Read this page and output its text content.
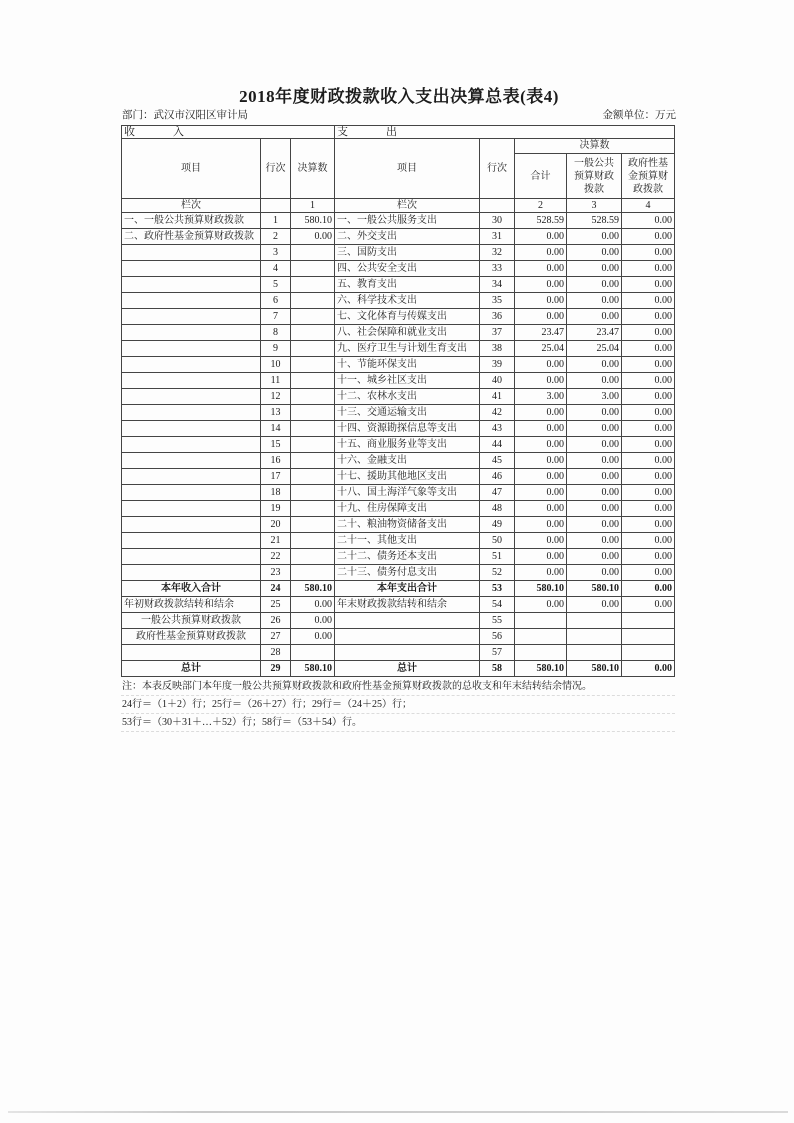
2018年度财政拨款收入支出决算总表(表4)
部门：武汉市汉阳区审计局	金额单位：万元
收入			支出				
项目	行次	决算数	项目	行次	决算数		
					合计	一般公共预算财政拨款	政府性基金预算财政拨款
栏次		1	栏次		2	3	4
一、一般公共预算财政拨款	1	580.10	一、一般公共服务支出	30	528.59	528.59	0.00
二、政府性基金预算财政拨款	2	0.00	二、外交支出	31	0.00	0.00	0.00
	3		三、国防支出	32	0.00	0.00	0.00
	4		四、公共安全支出	33	0.00	0.00	0.00
	5		五、教育支出	34	0.00	0.00	0.00
	6		六、科学技术支出	35	0.00	0.00	0.00
	7		七、文化体育与传媒支出	36	0.00	0.00	0.00
	8		八、社会保障和就业支出	37	23.47	23.47	0.00
	9		九、医疗卫生与计划生育支出	38	25.04	25.04	0.00
	10		十、节能环保支出	39	0.00	0.00	0.00
	11		十一、城乡社区支出	40	0.00	0.00	0.00
	12		十二、农林水支出	41	3.00	3.00	0.00
	13		十三、交通运输支出	42	0.00	0.00	0.00
	14		十四、资源勘探信息等支出	43	0.00	0.00	0.00
	15		十五、商业服务业等支出	44	0.00	0.00	0.00
	16		十六、金融支出	45	0.00	0.00	0.00
	17		十七、援助其他地区支出	46	0.00	0.00	0.00
	18		十八、国土海洋气象等支出	47	0.00	0.00	0.00
	19		十九、住房保障支出	48	0.00	0.00	0.00
	20		二十、粮油物资储备支出	49	0.00	0.00	0.00
	21		二十一、其他支出	50	0.00	0.00	0.00
	22		二十二、债务还本支出	51	0.00	0.00	0.00
	23		二十三、债务付息支出	52	0.00	0.00	0.00
本年收入合计	24	580.10	本年支出合计	53	580.10	580.10	0.00
年初财政拨款结转和结余	25	0.00	年末财政拨款结转和结余	54	0.00	0.00	0.00
一般公共预算财政拨款	26	0.00		55			
政府性基金预算财政拨款	27	0.00		56			
	28			57			
总计	29	580.10	总计	58	580.10	580.10	0.00
注：本表反映部门本年度一般公共预算财政拨款和政府性基金预算财政拨款的总收支和年末结转结余情况。
24行＝（1＋2）行；25行＝（26＋27）行；29行＝（24＋25）行；
53行＝（30＋31＋…＋52）行；58行＝（53＋54）行。
